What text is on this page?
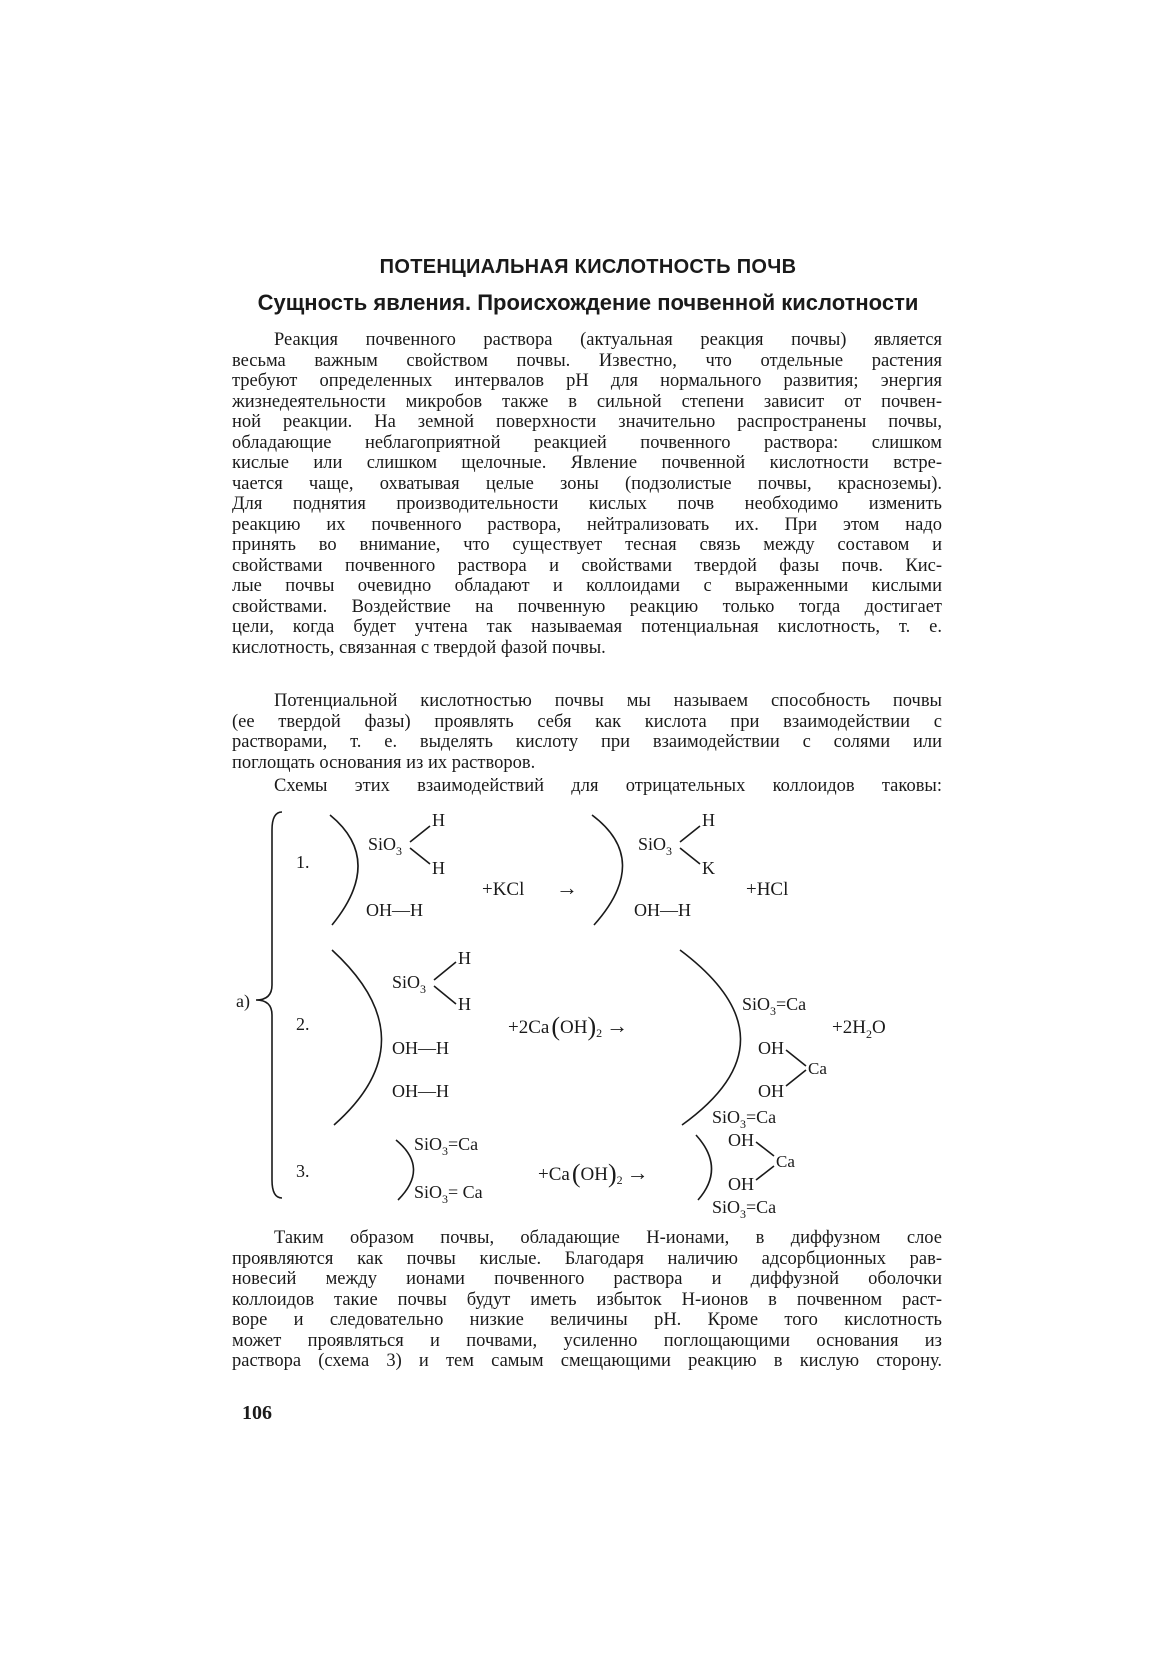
ПОТЕНЦИАЛЬНАЯ КИСЛОТНОСТЬ ПОЧВ
Сущность явления. Происхождение почвенной кислотности
Реакция почвенного раствора (актуальная реакция почвы) является
весьма важным свойством почвы. Известно, что отдельные растения
требуют определенных интервалов рН для нормального развития; энергия
жизнедеятельности микробов также в сильной степени зависит от почвен-
ной реакции. На земной поверхности значительно распространены почвы,
обладающие неблагоприятной реакцией почвенного раствора: слишком
кислые или слишком щелочные. Явление почвенной кислотности встре-
чается чаще, охватывая целые зоны (подзолистые почвы, красноземы).
Для поднятия производительности кислых почв необходимо изменить
реакцию их почвенного раствора, нейтрализовать их. При этом надо
принять во внимание, что существует тесная связь между составом и
свойствами почвенного раствора и свойствами твердой фазы почв. Кис-
лые почвы очевидно обладают и коллоидами с выраженными кислыми
свойствами. Воздействие на почвенную реакцию только тогда достигает
цели, когда будет учтена так называемая потенциальная кислотность, т. е.
кислотность, связанная с твердой фазой почвы.
Потенциальной кислотностью почвы мы называем способность почвы
(ее твердой фазы) проявлять себя как кислота при взаимодействии с
растворами, т. е. выделять кислоту при взаимодействии с солями или
поглощать основания из их растворов.
Схемы этих взаимодействий для отрицательных коллоидов таковы:
а)
1.
SiO$_3$
H
H
OH—H
+KCl →
SiO$_3$
H
K
OH—H
+HCl
2.
SiO$_3$
H
H
OH—H
OH—H
+2Ca(OH)2 →
SiO$_3$=Ca
OH
Ca
OH
SiO$_3$=Ca
$+2H_2O$
3.
SiO$_3$=Ca
SiO$_3$= Ca
+Ca(OH)2 →
OH
Ca
OH
SiO$_3$=Ca
Таким образом почвы, обладающие Н-ионами, в диффузном слое
проявляются как почвы кислые. Благодаря наличию адсорбционных рав-
новесий между ионами почвенного раствора и диффузной оболочки
коллоидов такие почвы будут иметь избыток Н-ионов в почвенном раст-
воре и следовательно низкие величины рН. Кроме того кислотность
может проявляться и почвами, усиленно поглощающими основания из
раствора (схема 3) и тем самым смещающими реакцию в кислую сторону.
106
